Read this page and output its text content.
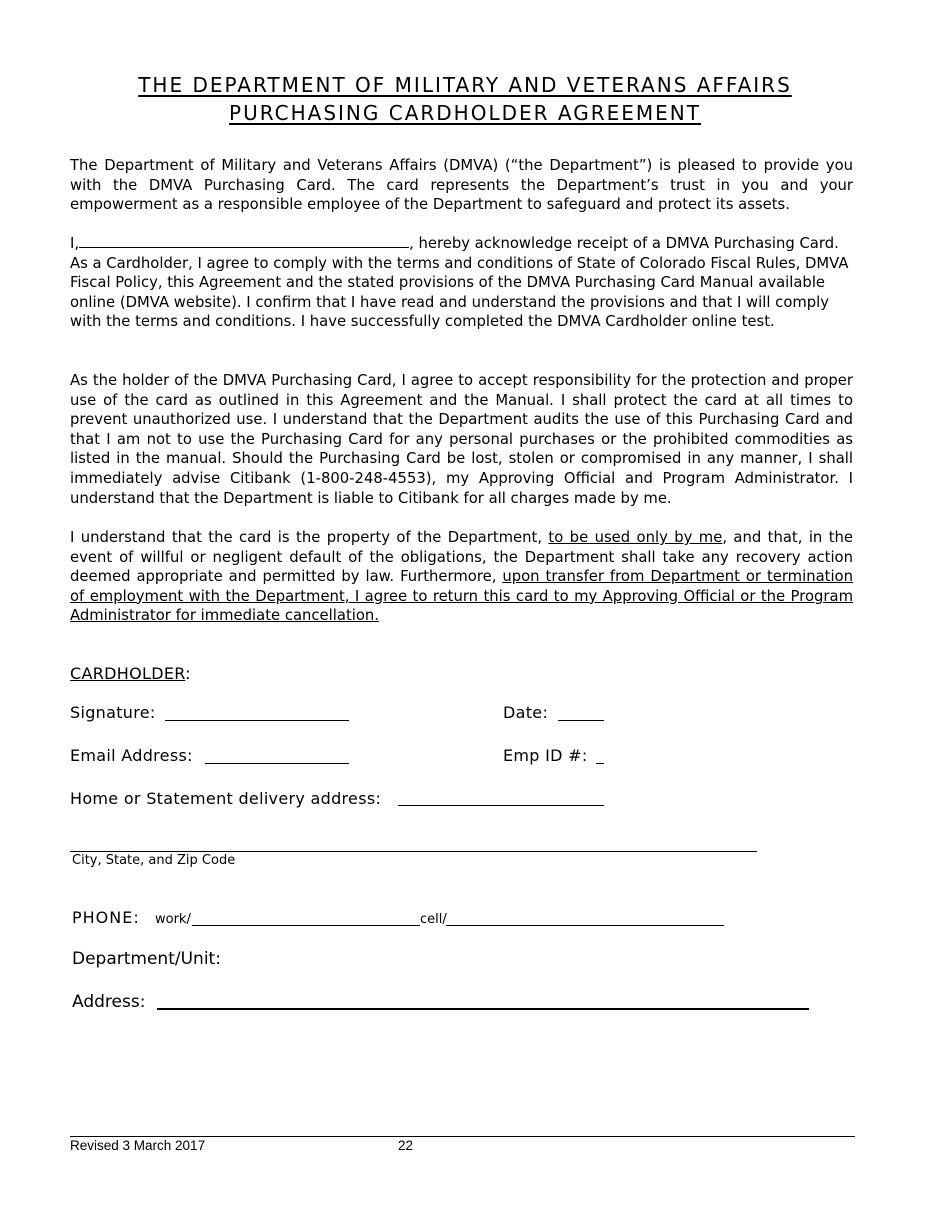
THE DEPARTMENT OF MILITARY AND VETERANS AFFAIRS
PURCHASING CARDHOLDER AGREEMENT
The Department of Military and Veterans Affairs (DMVA) (“the Department”) is pleased to provide you with the DMVA Purchasing Card. The card represents the Department’s trust in you and your empowerment as a responsible employee of the Department to safeguard and protect its assets.
I,	, hereby acknowledge receipt of a DMVA Purchasing Card. As a Cardholder, I agree to comply with the terms and conditions of State of Colorado Fiscal Rules, DMVA Fiscal Policy, this Agreement and the stated provisions of the DMVA Purchasing Card Manual available online (DMVA website). I confirm that I have read and understand the provisions and that I will comply with the terms and conditions. I have successfully completed the DMVA Cardholder online test.
As the holder of the DMVA Purchasing Card, I agree to accept responsibility for the protection and proper use of the card as outlined in this Agreement and the Manual. I shall protect the card at all times to prevent unauthorized use. I understand that the Department audits the use of this Purchasing Card and that I am not to use the Purchasing Card for any personal purchases or the prohibited commodities as listed in the manual. Should the Purchasing Card be lost, stolen or compromised in any manner, I shall immediately advise Citibank (1-800-248-4553), my Approving Official and Program Administrator. I understand that the Department is liable to Citibank for all charges made by me.
I understand that the card is the property of the Department, to be used only by me, and that, in the event of willful or negligent default of the obligations, the Department shall take any recovery action deemed appropriate and permitted by law. Furthermore, upon transfer from Department or termination of employment with the Department, I agree to return this card to my Approving Official or the Program Administrator for immediate cancellation.
CARDHOLDER:
Signature:	Date:
Email Address:	Emp ID #:
Home or Statement delivery address:
City, State, and Zip Code
PHONE: work/	cell/
Department/Unit:
Address:
Revised 3 March 2017	22
